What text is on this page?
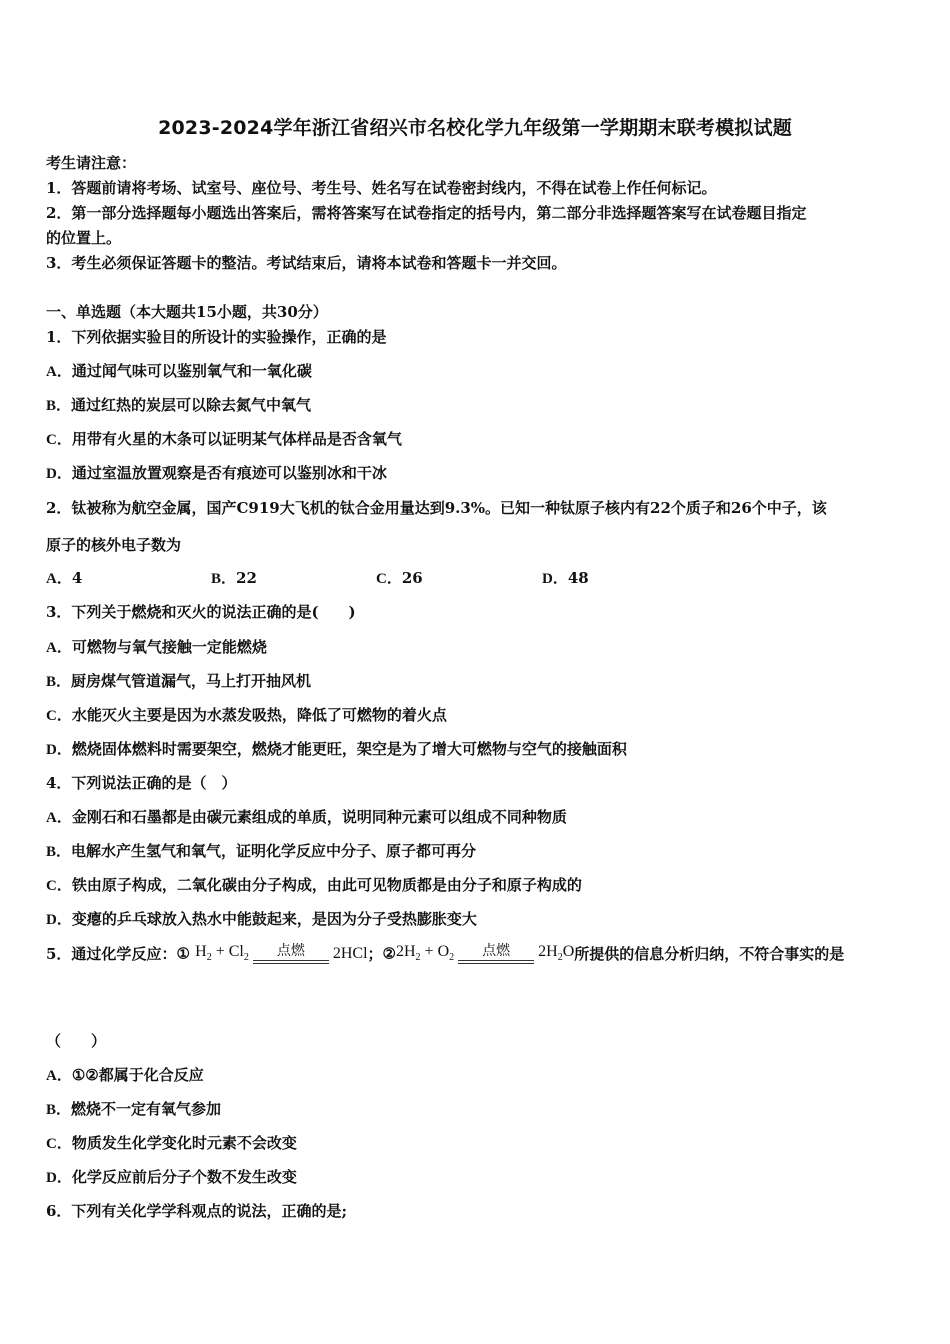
2023-2024学年浙江省绍兴市名校化学九年级第一学期期末联考模拟试题
考生请注意：
1．答题前请将考场、试室号、座位号、考生号、姓名写在试卷密封线内，不得在试卷上作任何标记。
2．第一部分选择题每小题选出答案后，需将答案写在试卷指定的括号内，第二部分非选择题答案写在试卷题目指定
的位置上。
3．考生必须保证答题卡的整洁。考试结束后，请将本试卷和答题卡一并交回。
一、单选题（本大题共15小题，共30分）
1．下列依据实验目的所设计的实验操作，正确的是
A．通过闻气味可以鉴别氧气和一氧化碳
B．通过红热的炭层可以除去氮气中氧气
C．用带有火星的木条可以证明某气体样品是否含氧气
D．通过室温放置观察是否有痕迹可以鉴别冰和干冰
2．钛被称为航空金属，国产C919大飞机的钛合金用量达到9.3%。已知一种钛原子核内有22个质子和26个中子，该
原子的核外电子数为
A．4	B．22	C．26	D．48
3．下列关于燃烧和灭火的说法正确的是(　　)
A．可燃物与氧气接触一定能燃烧
B．厨房煤气管道漏气，马上打开抽风机
C．水能灭火主要是因为水蒸发吸热，降低了可燃物的着火点
D．燃烧固体燃料时需要架空，燃烧才能更旺，架空是为了增大可燃物与空气的接触面积
4．下列说法正确的是（　）
A．金刚石和石墨都是由碳元素组成的单质，说明同种元素可以组成不同种物质
B．电解水产生氢气和氧气，证明化学反应中分子、原子都可再分
C．铁由原子构成，二氧化碳由分子构成，由此可见物质都是由分子和原子构成的
D．变瘪的乒乓球放入热水中能鼓起来，是因为分子受热膨胀变大
5．通过化学反应：① $H_2 + Cl_2$	点燃	2HCl；$②2H_2 + O_2$	点燃	$2H_2O$所提供的信息分析归纳，不符合事实的是
（　　）
A．①②都属于化合反应
B．燃烧不一定有氧气参加
C．物质发生化学变化时元素不会改变
D．化学反应前后分子个数不发生改变
6．下列有关化学学科观点的说法，正确的是;
